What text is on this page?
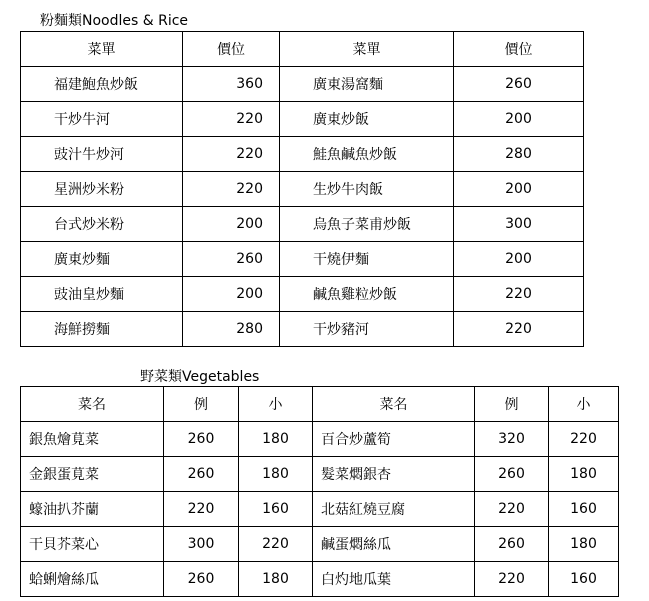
粉麵類Noodles & Rice
菜單	價位	菜單	價位
福建鮑魚炒飯	360	廣東湯窩麵	260
干炒牛河	220	廣東炒飯	200
豉汁牛炒河	220	鮭魚鹹魚炒飯	280
星洲炒米粉	220	生炒牛肉飯	200
台式炒米粉	200	烏魚子菜甫炒飯	300
廣東炒麵	260	干燒伊麵	200
豉油皇炒麵	200	鹹魚雞粒炒飯	220
海鮮撈麵	280	干炒豬河	220
野菜類Vegetables
菜名	例	小	菜名	例	小
銀魚燴莧菜	260	180	百合炒蘆筍	320	220
金銀蛋莧菜	260	180	髮菜燜銀杏	260	180
蠔油扒芥蘭	220	160	北菇紅燒豆腐	220	160
干貝芥菜心	300	220	鹹蛋燜絲瓜	260	180
蛤蜊燴絲瓜	260	180	白灼地瓜葉	220	160
